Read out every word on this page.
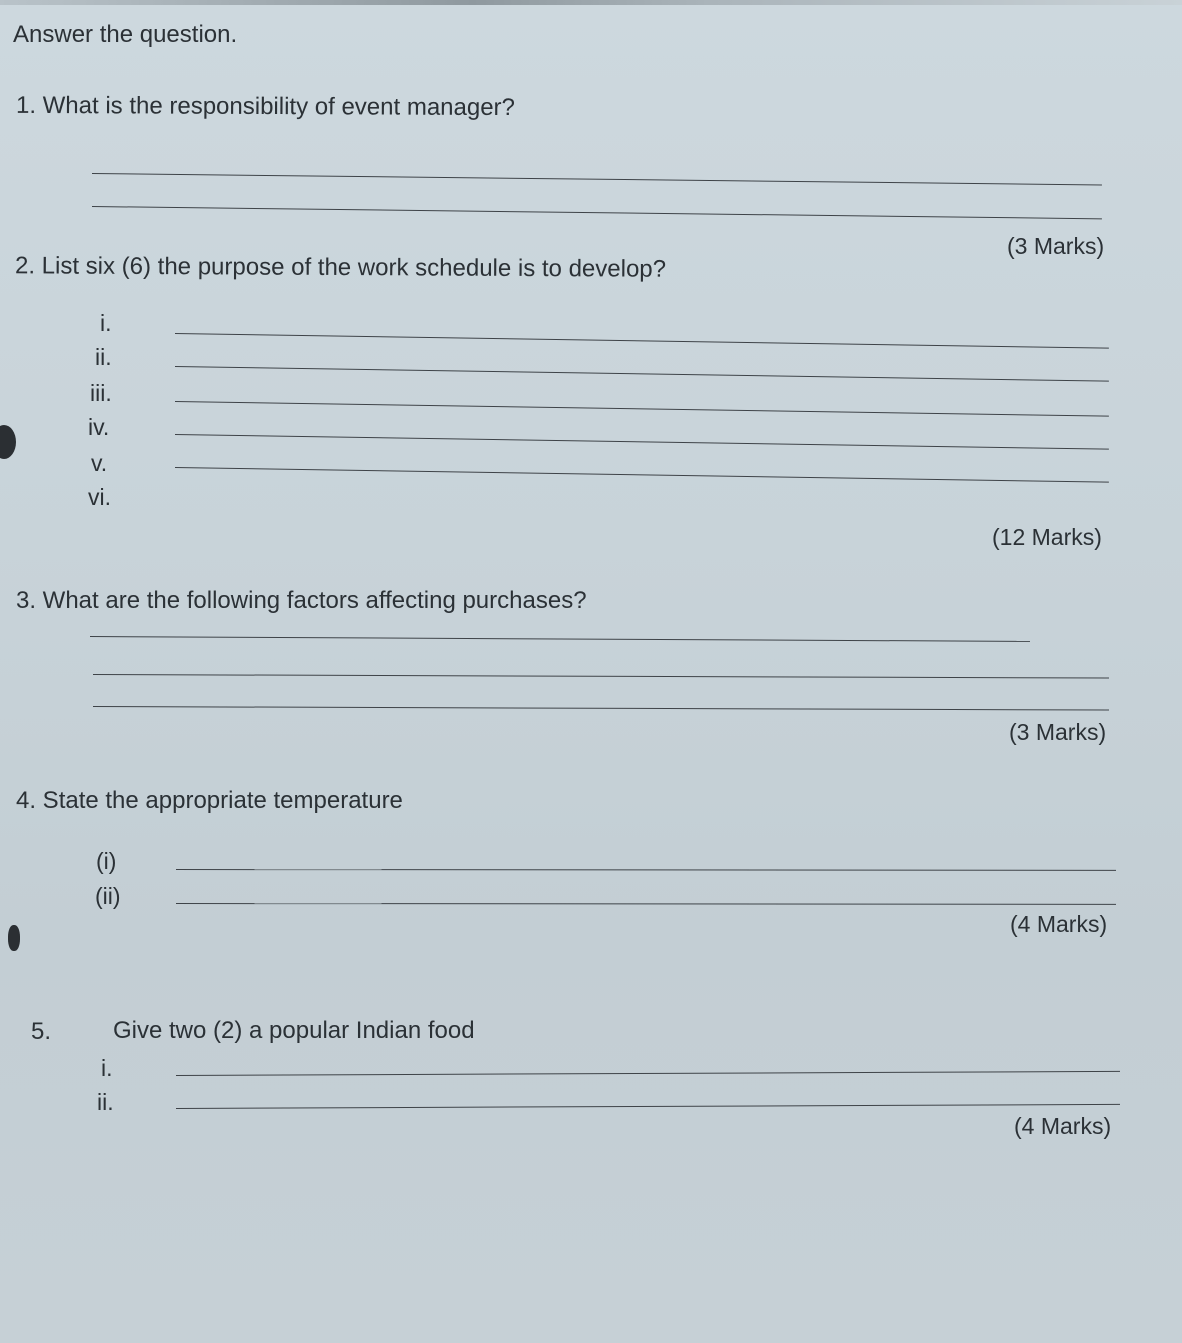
Answer the question.
1. What is the responsibility of event manager?
(3 Marks)
2. List six (6) the purpose of the work schedule is to develop?
i.
ii.
iii.
iv.
v.
vi.
(12 Marks)
3. What are the following factors affecting purchases?
(3 Marks)
4. State the appropriate temperature
(i)
(ii)
(4 Marks)
5.	Give two (2) a popular Indian food
i.
ii.
(4 Marks)
